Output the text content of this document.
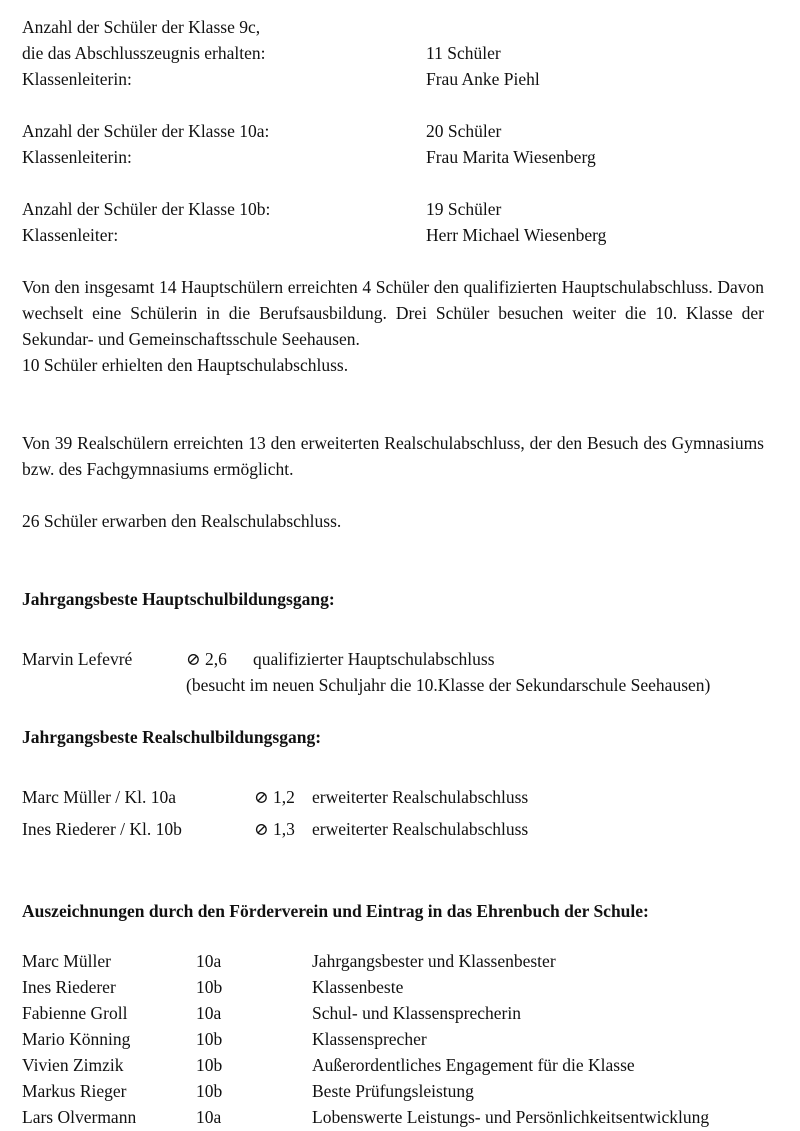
Anzahl der Schüler der Klasse 9c,
die das Abschlusszeugnis erhalten:	11 Schüler
Klassenleiterin:	Frau Anke Piehl
Anzahl der Schüler der Klasse 10a:	20 Schüler
Klassenleiterin:	Frau Marita Wiesenberg
Anzahl der Schüler der Klasse 10b:	19 Schüler
Klassenleiter:	Herr Michael Wiesenberg
Von den insgesamt 14 Hauptschülern erreichten 4 Schüler den qualifizierten Hauptschulabschluss. Davon wechselt eine Schülerin in die Berufsausbildung. Drei Schüler besuchen weiter die 10. Klasse der Sekundar- und Gemeinschaftsschule Seehausen.
10 Schüler erhielten den Hauptschulabschluss.
Von 39 Realschülern erreichten 13 den erweiterten Realschulabschluss, der den Besuch des Gymnasiums bzw. des Fachgymnasiums ermöglicht.
26 Schüler erwarben den Realschulabschluss.
Jahrgangsbeste Hauptschulbildungsgang:
Marvin Lefevré	⊘ 2,6 qualifizierter Hauptschulabschluss
(besucht im neuen Schuljahr die 10.Klasse der Sekundarschule Seehausen)
Jahrgangsbeste Realschulbildungsgang:
Marc Müller / Kl. 10a	⊘ 1,2 erweiterter Realschulabschluss
Ines Riederer / Kl. 10b	⊘ 1,3 erweiterter Realschulabschluss
Auszeichnungen durch den Förderverein und Eintrag in das Ehrenbuch der Schule:
Marc Müller	10a	Jahrgangsbester und Klassenbester
Ines Riederer	10b	Klassenbeste
Fabienne Groll	10a	Schul- und Klassensprecherin
Mario Könning	10b	Klassensprecher
Vivien Zimzik	10b	Außerordentliches Engagement für die Klasse
Markus Rieger	10b	Beste Prüfungsleistung
Lars Olvermann	10a	Lobenswerte Leistungs- und Persönlichkeitsentwicklung
